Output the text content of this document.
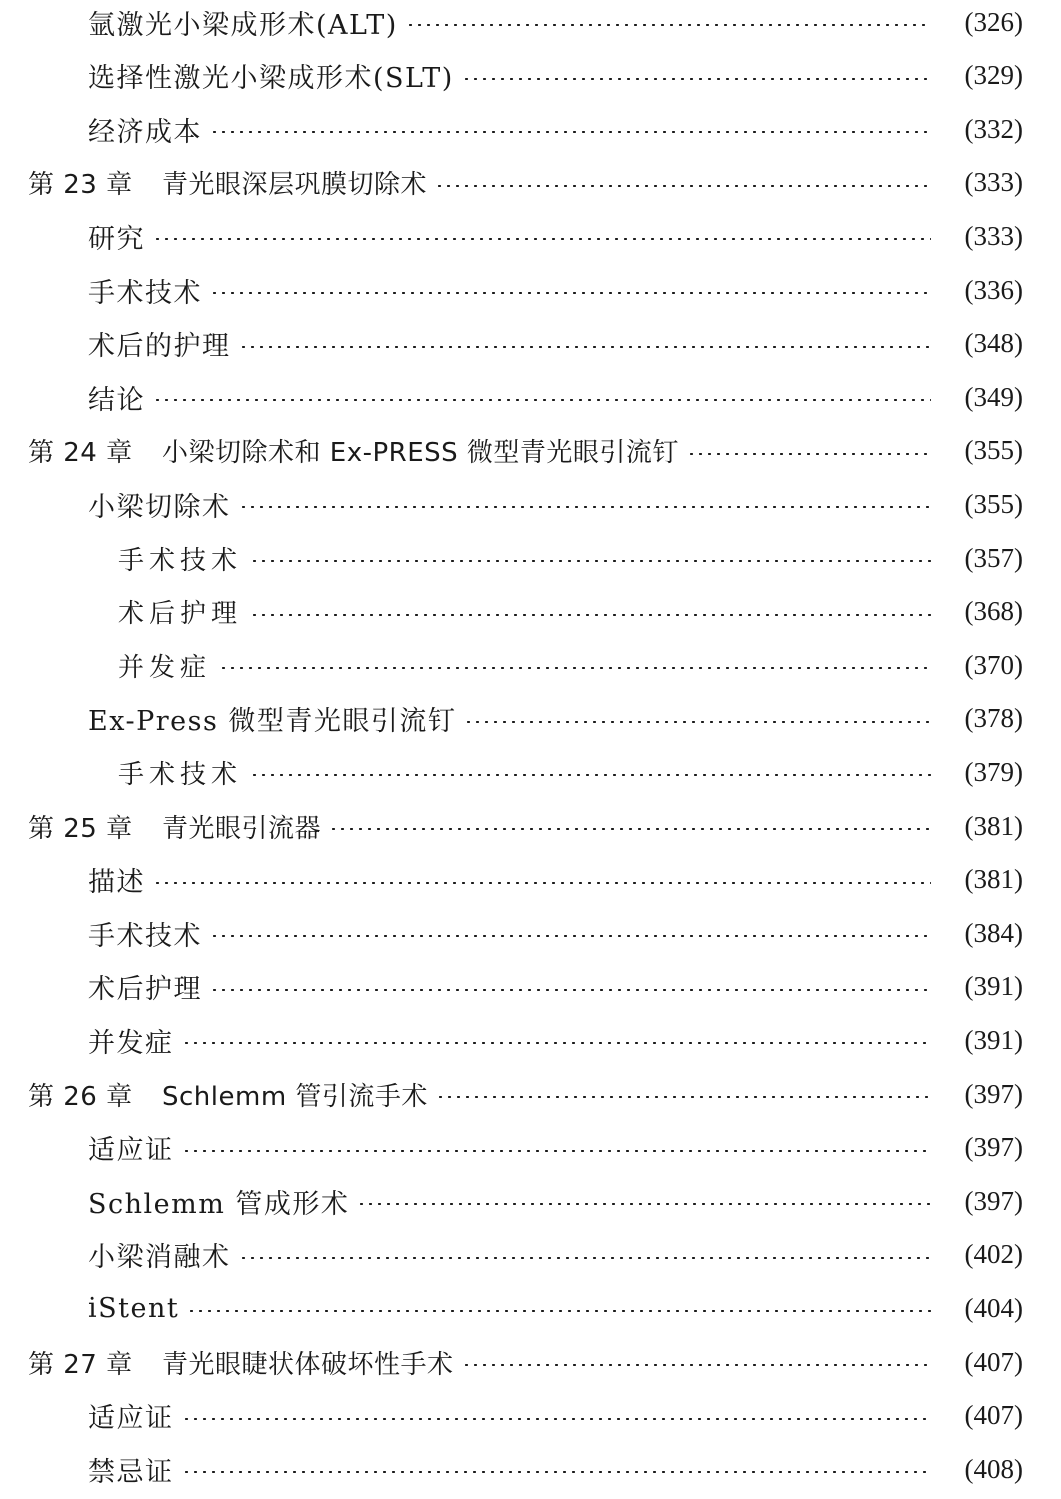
氩激光小梁成形术(ALT)	(326)
选择性激光小梁成形术(SLT)	(329)
经济成本	(332)
第 23 章 青光眼深层巩膜切除术	(333)
研究	(333)
手术技术	(336)
术后的护理	(348)
结论	(349)
第 24 章 小梁切除术和 Ex-PRESS 微型青光眼引流钉	(355)
小梁切除术	(355)
手术技术	(357)
术后护理	(368)
并发症	(370)
Ex-Press 微型青光眼引流钉	(378)
手术技术	(379)
第 25 章 青光眼引流器	(381)
描述	(381)
手术技术	(384)
术后护理	(391)
并发症	(391)
第 26 章 Schlemm 管引流手术	(397)
适应证	(397)
Schlemm 管成形术	(397)
小梁消融术	(402)
iStent	(404)
第 27 章 青光眼睫状体破坏性手术	(407)
适应证	(407)
禁忌证	(408)
